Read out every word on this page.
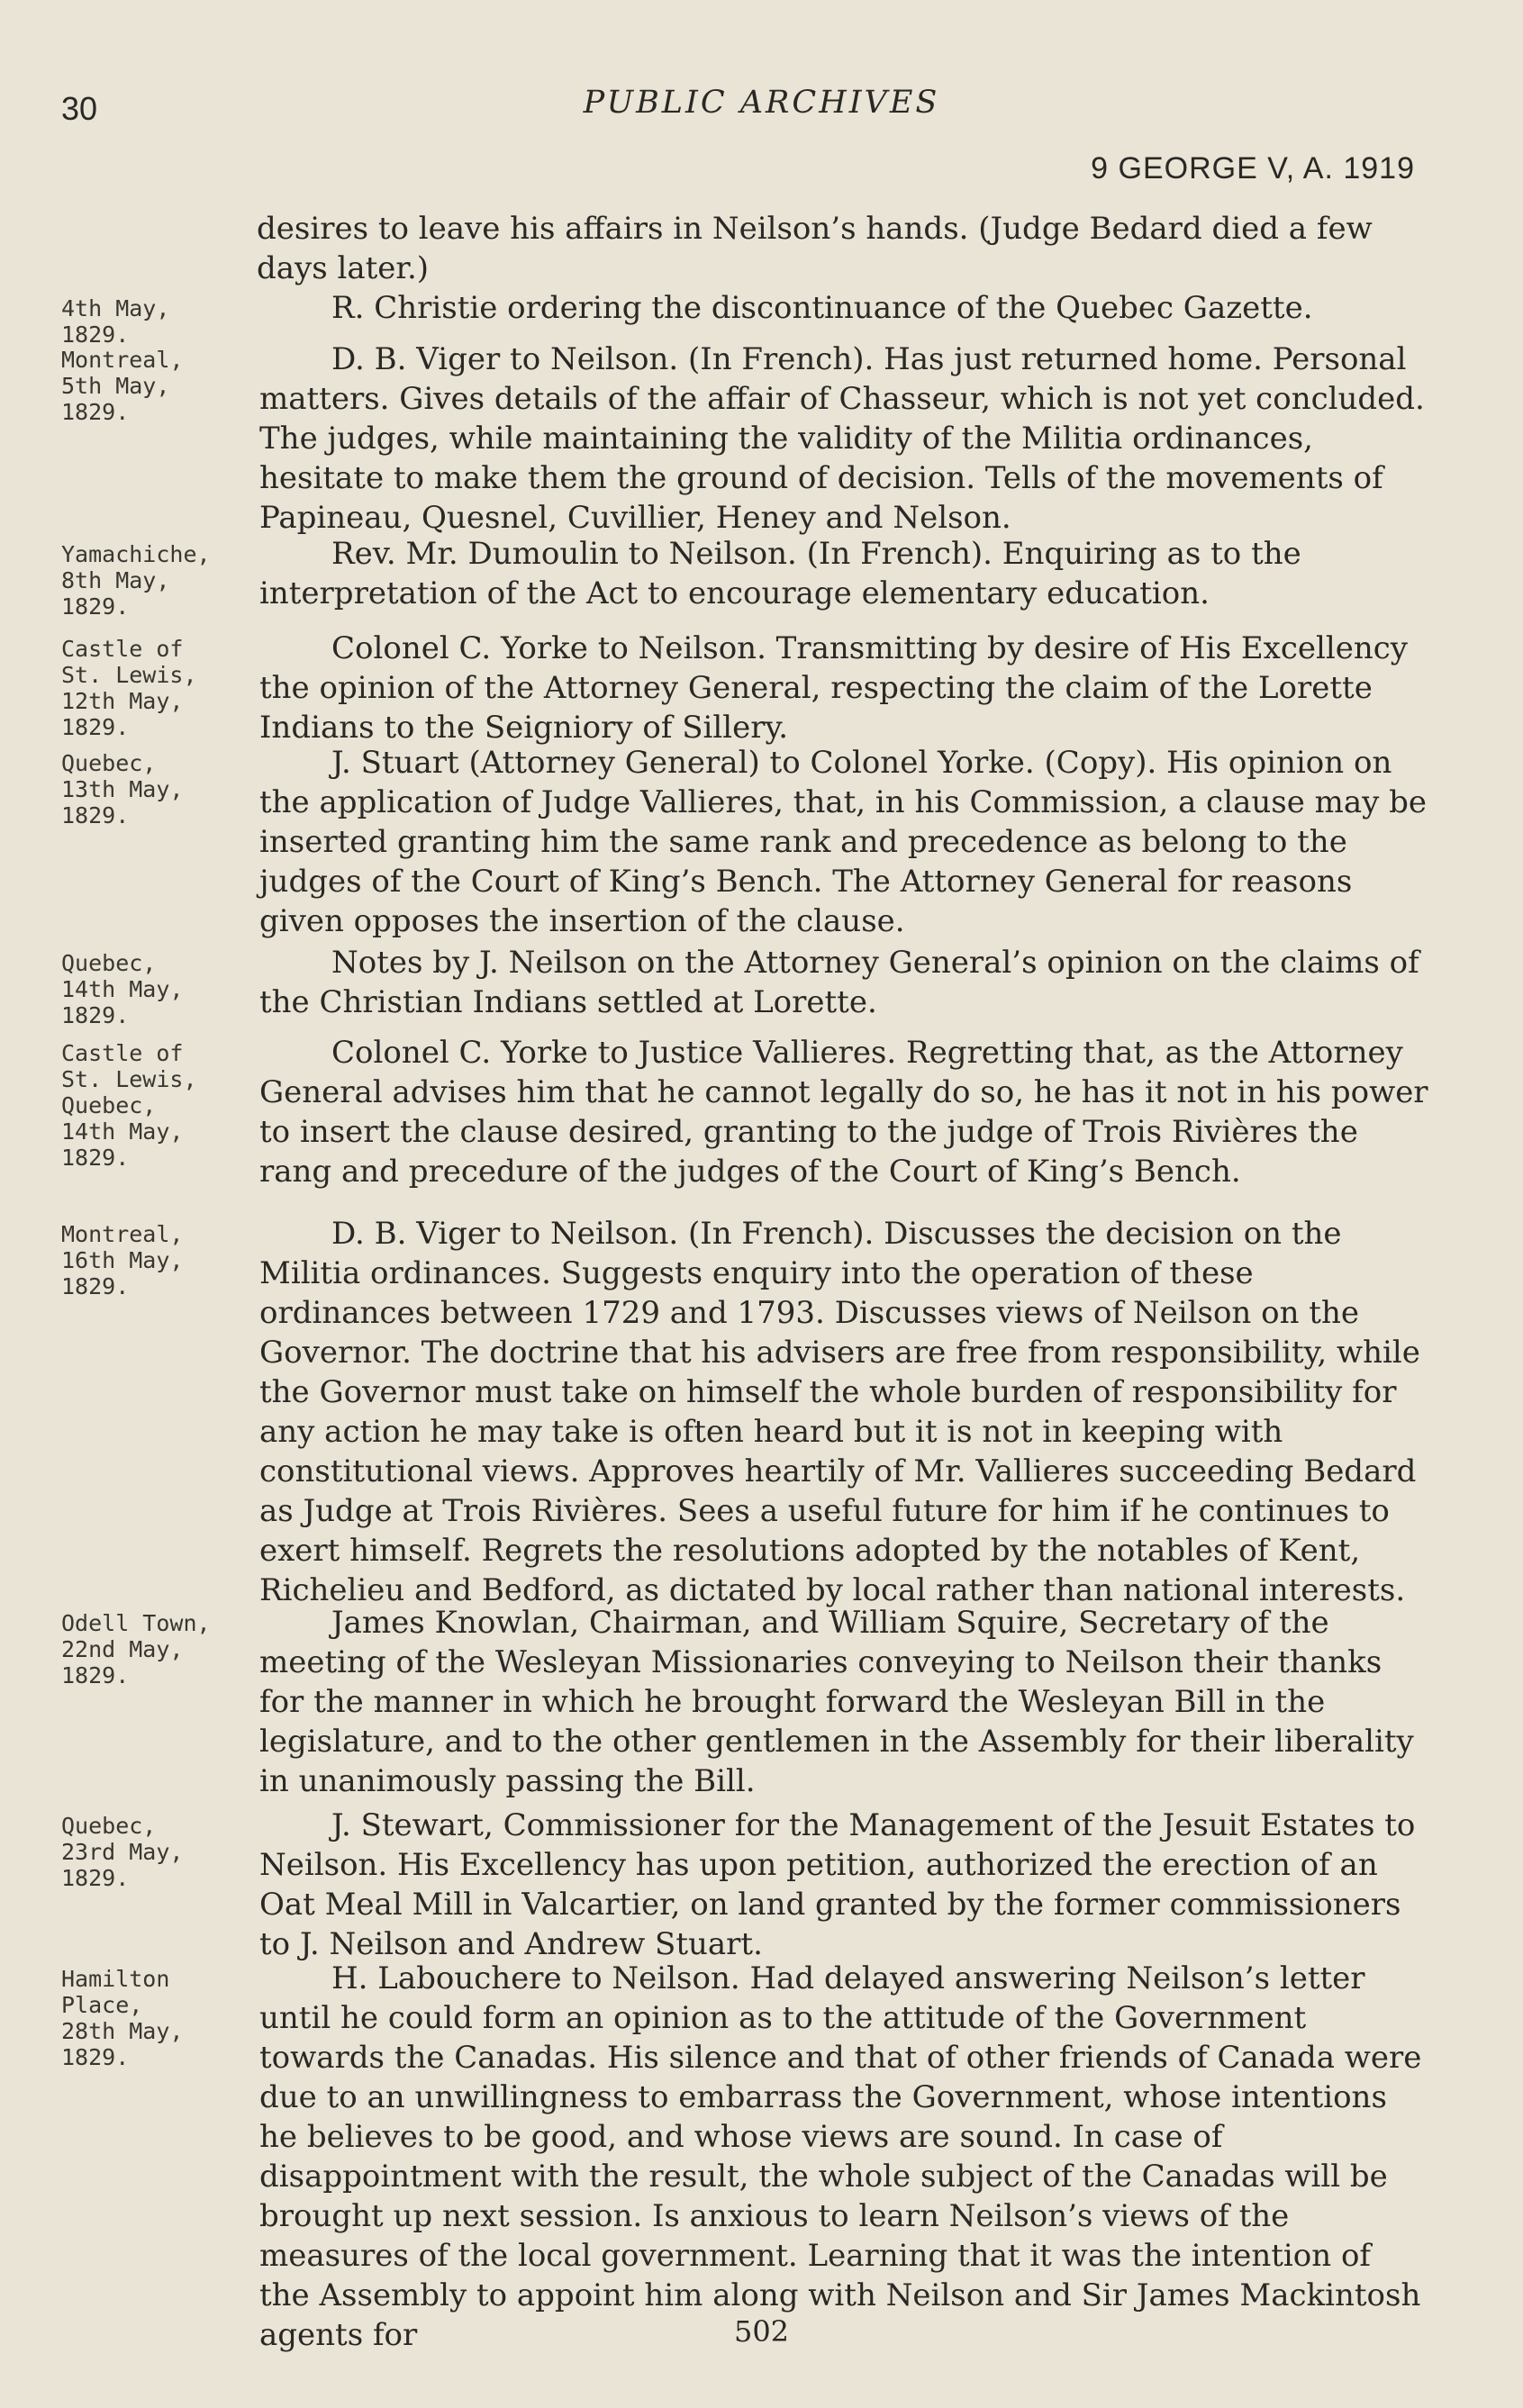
30	PUBLIC ARCHIVES
9 GEORGE V, A. 1919

desires to leave his affairs in Neilson’s hands. (Judge Bedard died a few days later.)

4th May,
1829.

R. Christie ordering the discontinuance of the Quebec Gazette.

Montreal,
5th May,
1829.

D. B. Viger to Neilson. (In French). Has just returned home. Personal matters. Gives details of the affair of Chasseur, which is not yet concluded. The judges, while maintaining the validity of the Militia ordinances, hesitate to make them the ground of decision. Tells of the movements of Papineau, Quesnel, Cuvillier, Heney and Nelson.

Yamachiche,
8th May,
1829.

Rev. Mr. Dumoulin to Neilson. (In French). Enquiring as to the interpretation of the Act to encourage elementary education.

Castle of
St. Lewis,
12th May,
1829.

Colonel C. Yorke to Neilson. Transmitting by desire of His Excellency the opinion of the Attorney General, respecting the claim of the Lorette Indians to the Seigniory of Sillery.

Quebec,
13th May,
1829.

J. Stuart (Attorney General) to Colonel Yorke. (Copy). His opinion on the application of Judge Vallieres, that, in his Commission, a clause may be inserted granting him the same rank and precedence as belong to the judges of the Court of King’s Bench. The Attorney General for reasons given opposes the insertion of the clause.

Quebec,
14th May,
1829.

Notes by J. Neilson on the Attorney General’s opinion on the claims of the Christian Indians settled at Lorette.

Castle of
St. Lewis,
Quebec,
14th May,
1829.

Colonel C. Yorke to Justice Vallieres. Regretting that, as the Attorney General advises him that he cannot legally do so, he has it not in his power to insert the clause desired, granting to the judge of Trois Rivières the rang and precedure of the judges of the Court of King’s Bench.

Montreal,
16th May,
1829.

D. B. Viger to Neilson. (In French). Discusses the decision on the Militia ordinances. Suggests enquiry into the operation of these ordinances between 1729 and 1793. Discusses views of Neilson on the Governor. The doctrine that his advisers are free from responsibility, while the Governor must take on himself the whole burden of responsibility for any action he may take is often heard but it is not in keeping with constitutional views. Approves heartily of Mr. Vallieres succeeding Bedard as Judge at Trois Rivières. Sees a useful future for him if he continues to exert himself. Regrets the resolutions adopted by the notables of Kent, Richelieu and Bedford, as dictated by local rather than national interests.

Odell Town,
22nd May,
1829.

James Knowlan, Chairman, and William Squire, Secretary of the meeting of the Wesleyan Missionaries conveying to Neilson their thanks for the manner in which he brought forward the Wesleyan Bill in the legislature, and to the other gentlemen in the Assembly for their liberality in unanimously passing the Bill.

Quebec,
23rd May,
1829.

J. Stewart, Commissioner for the Management of the Jesuit Estates to Neilson. His Excellency has upon petition, authorized the erection of an Oat Meal Mill in Valcartier, on land granted by the former commissioners to J. Neilson and Andrew Stuart.

Hamilton
Place,
28th May,
1829.

H. Labouchere to Neilson. Had delayed answering Neilson’s letter until he could form an opinion as to the attitude of the Government towards the Canadas. His silence and that of other friends of Canada were due to an unwillingness to embarrass the Government, whose intentions he believes to be good, and whose views are sound. In case of disappointment with the result, the whole subject of the Canadas will be brought up next session. Is anxious to learn Neilson’s views of the measures of the local government. Learning that it was the intention of the Assembly to appoint him along with Neilson and Sir James Mackintosh agents for	502
